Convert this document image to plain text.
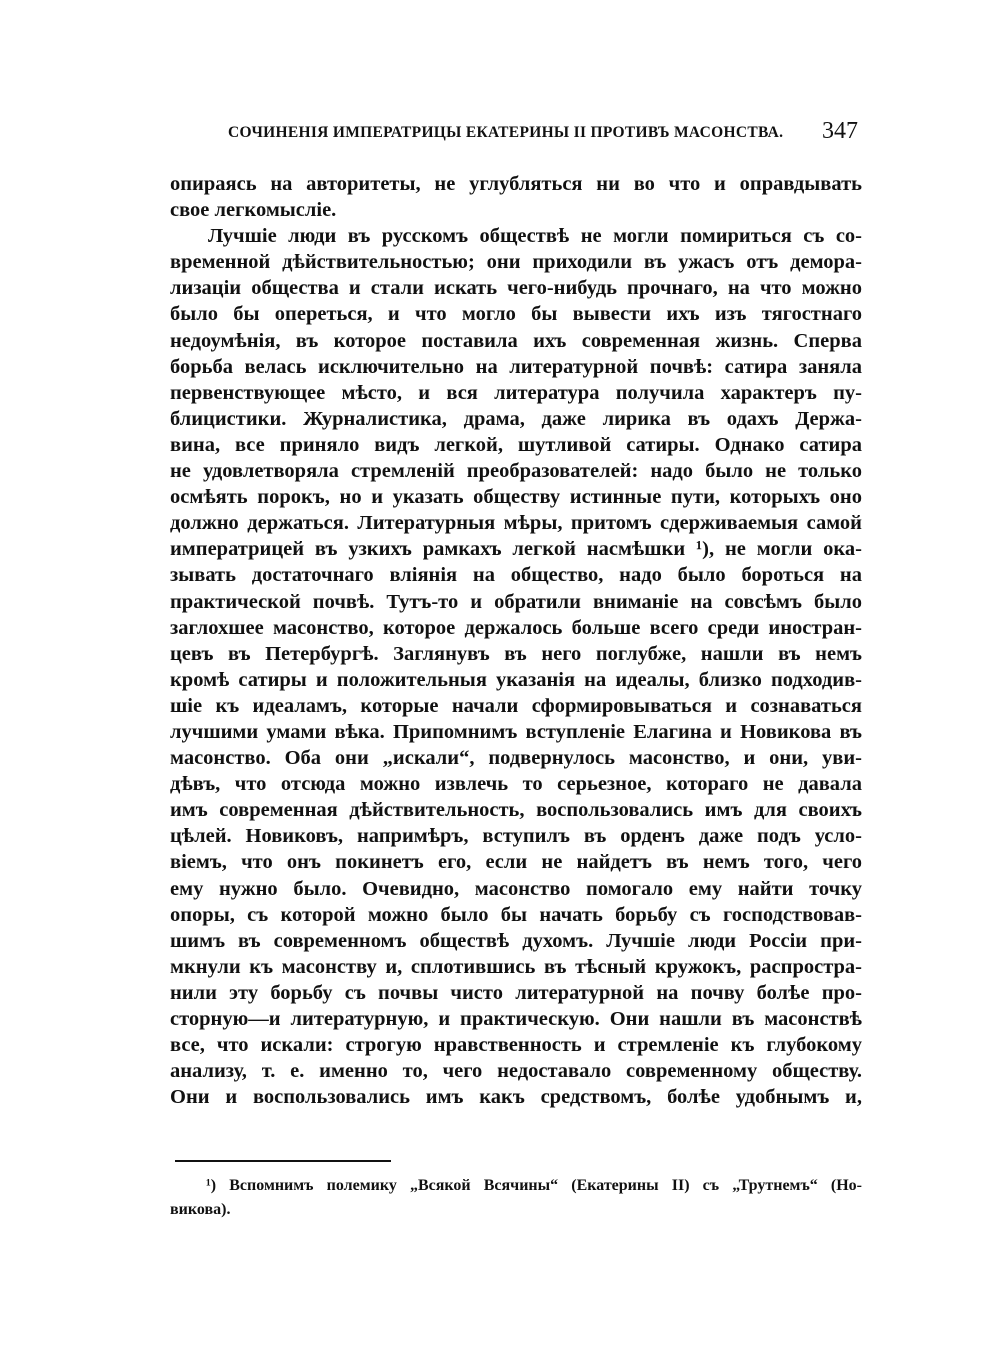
СОЧИНЕНІЯ ИМПЕРАТРИЦЫ ЕКАТЕРИНЫ II ПРОТИВЪ МАСОНСТВА. 347
опираясь на авторитеты, не углубляться ни во что и оправдывать
свое легкомысліе.
Лучшіе люди въ русскомъ обществѣ не могли помириться съ со-
временной дѣйствительностью; они приходили въ ужасъ отъ демора-
лизаціи общества и стали искать чего-нибудь прочнаго, на что можно
было бы опереться, и что могло бы вывести ихъ изъ тягостнаго
недоумѣнія, въ которое поставила ихъ современная жизнь. Сперва
борьба велась исключительно на литературной почвѣ: сатира заняла
первенствующее мѣсто, и вся литература получила характеръ пу-
блицистики. Журналистика, драма, даже лирика въ одахъ Держа-
вина, все приняло видъ легкой, шутливой сатиры. Однако сатира
не удовлетворяла стремленій преобразователей: надо было не только
осмѣять порокъ, но и указать обществу истинные пути, которыхъ оно
должно держаться. Литературныя мѣры, притомъ сдерживаемыя самой
императрицей въ узкихъ рамкахъ легкой насмѣшки ¹), не могли ока-
зывать достаточнаго вліянія на общество, надо было бороться на
практической почвѣ. Тутъ-то и обратили вниманіе на совсѣмъ было
заглохшее масонство, которое держалось больше всего среди иностран-
цевъ въ Петербургѣ. Заглянувъ въ него поглубже, нашли въ немъ
кромѣ сатиры и положительныя указанія на идеалы, близко подходив-
шіе къ идеаламъ, которые начали сформировываться и сознаваться
лучшими умами вѣка. Припомнимъ вступленіе Елагина и Новикова въ
масонство. Оба они „искали“, подвернулось масонство, и они, уви-
дѣвъ, что отсюда можно извлечь то серьезное, котораго не давала
имъ современная дѣйствительность, воспользовались имъ для своихъ
цѣлей. Новиковъ, напримѣръ, вступилъ въ орденъ даже подъ усло-
віемъ, что онъ покинетъ его, если не найдетъ въ немъ того, чего
ему нужно было. Очевидно, масонство помогало ему найти точку
опоры, съ которой можно было бы начать борьбу съ господствовав-
шимъ въ современномъ обществѣ духомъ. Лучшіе люди Россіи при-
мкнули къ масонству и, сплотившись въ тѣсный кружокъ, распростра-
нили эту борьбу съ почвы чисто литературной на почву болѣе про-
сторную—и литературную, и практическую. Они нашли въ масонствѣ
все, что искали: строгую нравственность и стремленіе къ глубокому
анализу, т. е. именно то, чего недоставало современному обществу.
Они и воспользовались имъ какъ средствомъ, болѣе удобнымъ и,
¹) Вспомнимъ полемику „Всякой Всячины“ (Екатерины II) съ „Трутнемъ“ (Но-
викова).
